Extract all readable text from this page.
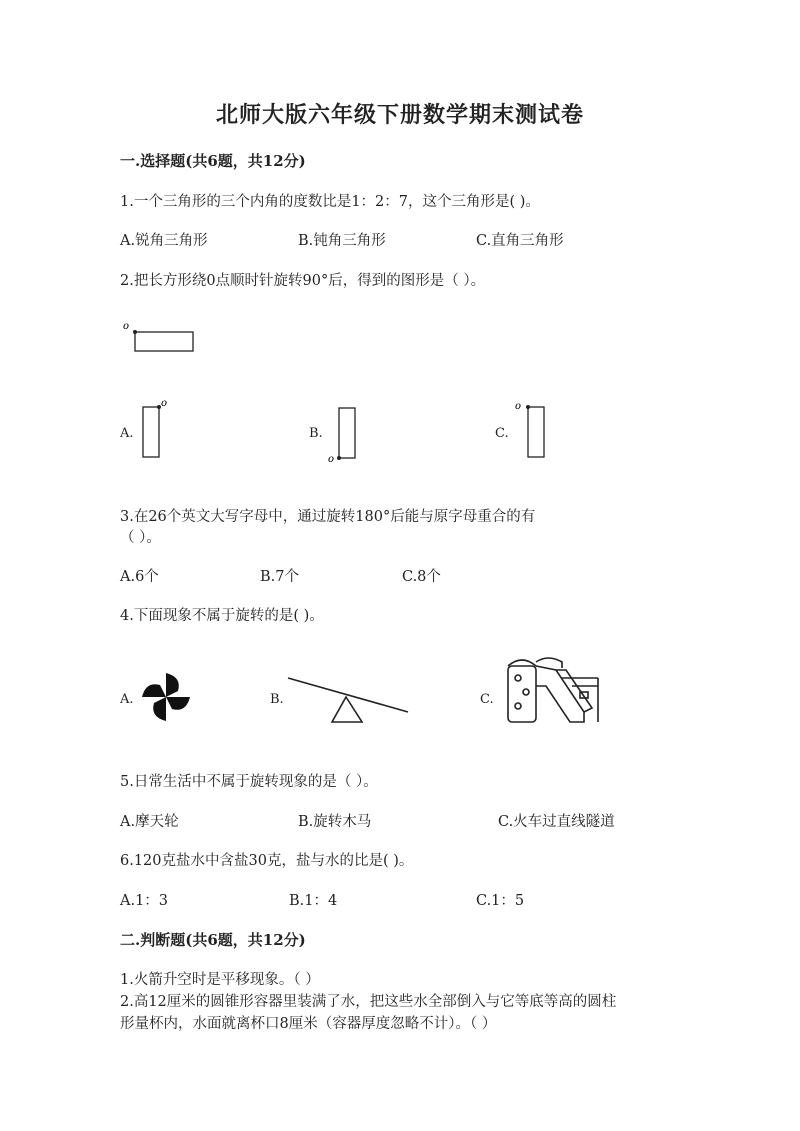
北师大版六年级下册数学期末测试卷
一.选择题(共6题，共12分)
1.一个三角形的三个内角的度数比是1：2：7，这个三角形是( )。
A.锐角三角形	B.钝角三角形	C.直角三角形
2.把长方形绕0点顺时针旋转90°后，得到的图形是（ ）。
o
A.
o
B.
o
C.
o
3.在26个英文大写字母中，通过旋转180°后能与原字母重合的有
（ ）。
A.6个	B.7个	C.8个
4.下面现象不属于旋转的是( )。
A.	B.	C.
5.日常生活中不属于旋转现象的是（ ）。
A.摩天轮	B.旋转木马	C.火车过直线隧道
6.120克盐水中含盐30克，盐与水的比是( )。
A.1：3	B.1：4	C.1：5
二.判断题(共6题，共12分)
1.火箭升空时是平移现象。（ ）
2.高12厘米的圆锥形容器里装满了水，把这些水全部倒入与它等底等高的圆柱
形量杯内，水面就离杯口8厘米（容器厚度忽略不计）。（ ）
